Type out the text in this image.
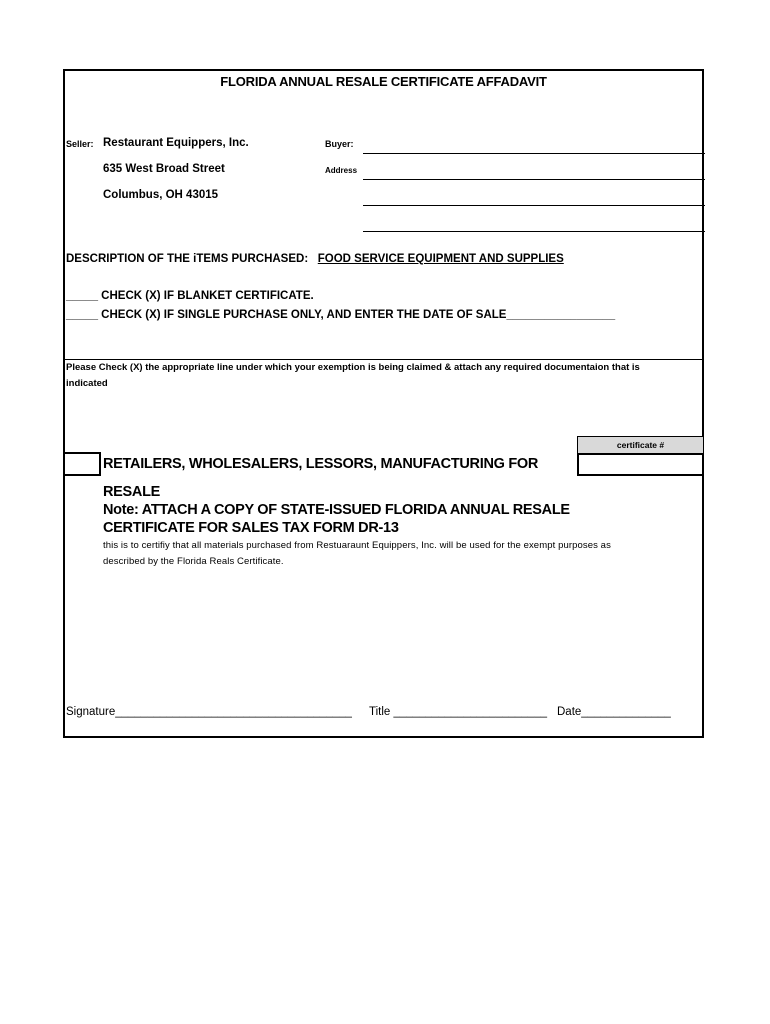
FLORIDA ANNUAL RESALE CERTIFICATE AFFADAVIT
Seller: Restaurant Equippers, Inc.
635 West Broad Street
Columbus, OH 43015
Buyer:
Address
DESCRIPTION OF THE iTEMS PURCHASED: FOOD SERVICE EQUIPMENT AND SUPPLIES
_____ CHECK (X) IF BLANKET CERTIFICATE.
_____ CHECK (X) IF SINGLE PURCHASE ONLY, AND ENTER THE DATE OF SALE_________________
Please Check (X) the appropriate line under which your exemption is being claimed & attach any required documentaion that is indicated
certificate #
RETAILERS, WHOLESALERS, LESSORS, MANUFACTURING FOR
RESALE
Note: ATTACH A COPY OF STATE-ISSUED FLORIDA ANNUAL RESALE CERTIFICATE FOR SALES TAX FORM DR-13
this is to certifiy that all materials purchased from Restuaraunt Equippers, Inc. will be used for the exempt purposes as described by the Florida Reals Certificate.
Signature_____________________________________ Title ________________________ Date______________
